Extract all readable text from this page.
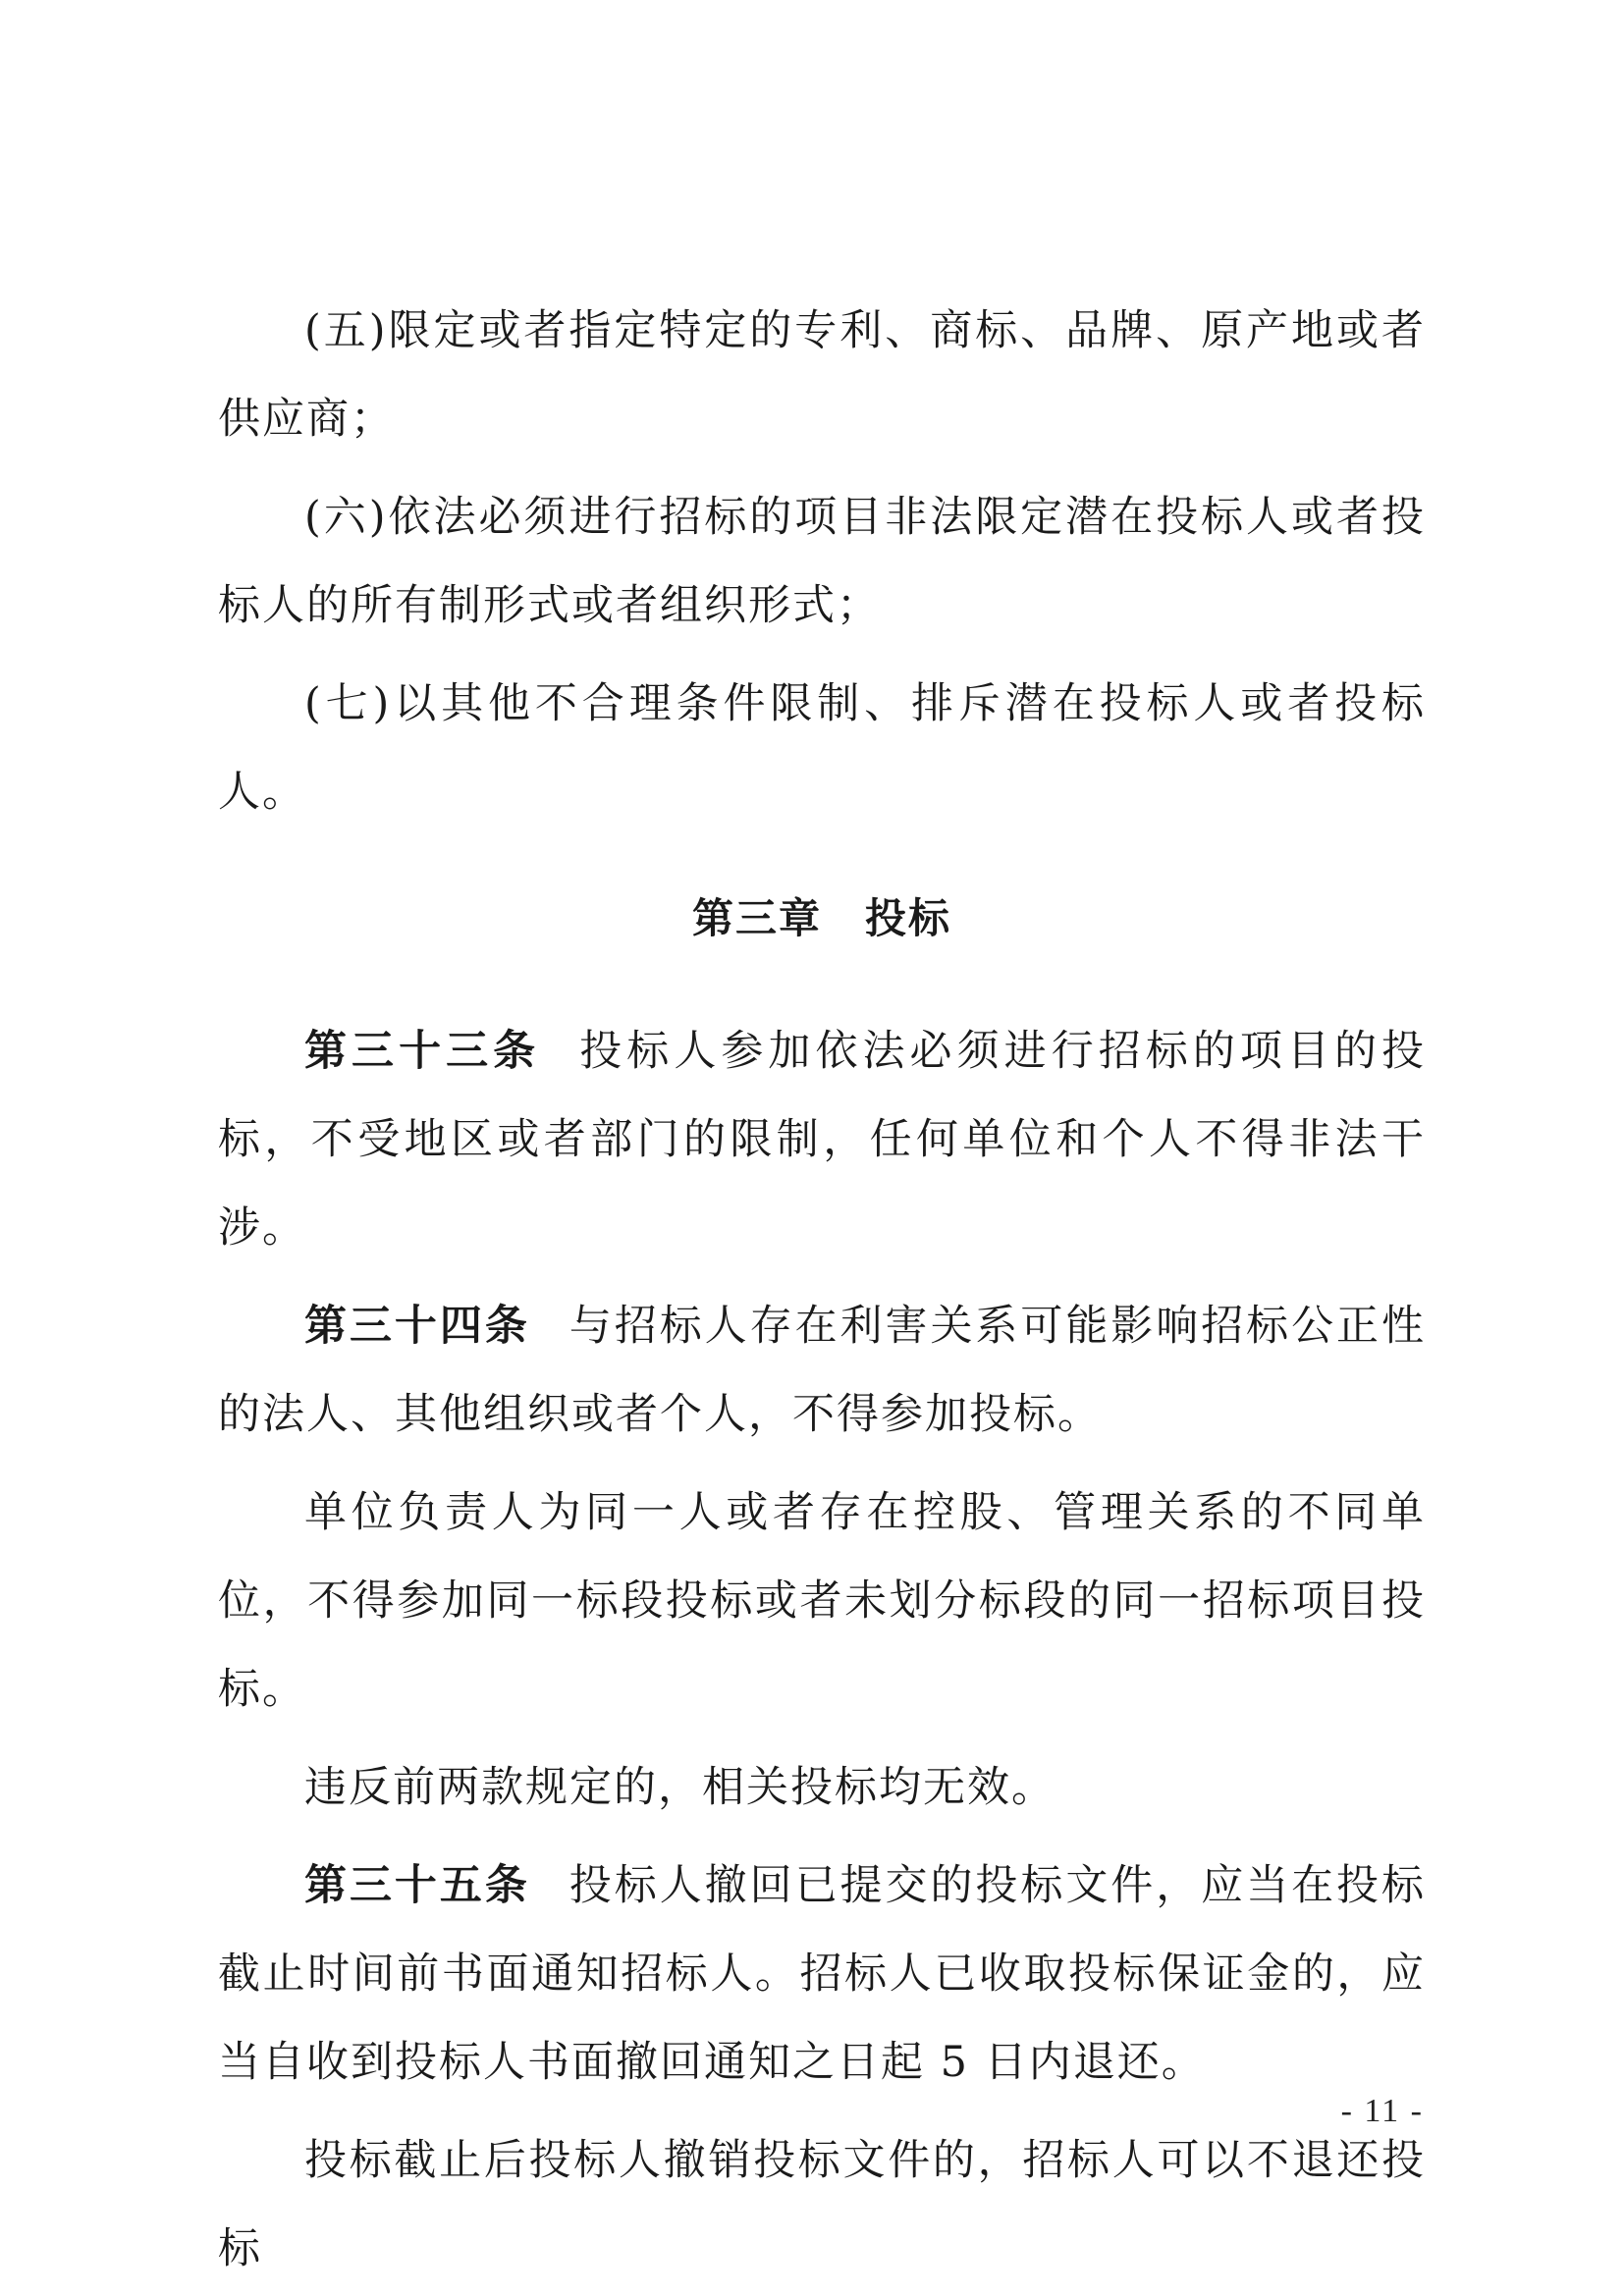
(五)限定或者指定特定的专利、商标、品牌、原产地或者供应商；

(六)依法必须进行招标的项目非法限定潜在投标人或者投标人的所有制形式或者组织形式；

(七)以其他不合理条件限制、排斥潜在投标人或者投标人。

第三章　投标

第三十三条 投标人参加依法必须进行招标的项目的投标，不受地区或者部门的限制，任何单位和个人不得非法干涉。

第三十四条 与招标人存在利害关系可能影响招标公正性的法人、其他组织或者个人，不得参加投标。

单位负责人为同一人或者存在控股、管理关系的不同单位，不得参加同一标段投标或者未划分标段的同一招标项目投标。

违反前两款规定的，相关投标均无效。

第三十五条 投标人撤回已提交的投标文件，应当在投标截止时间前书面通知招标人。招标人已收取投标保证金的，应当自收到投标人书面撤回通知之日起 5 日内退还。

投标截止后投标人撤销投标文件的，招标人可以不退还投标

- 11 -
